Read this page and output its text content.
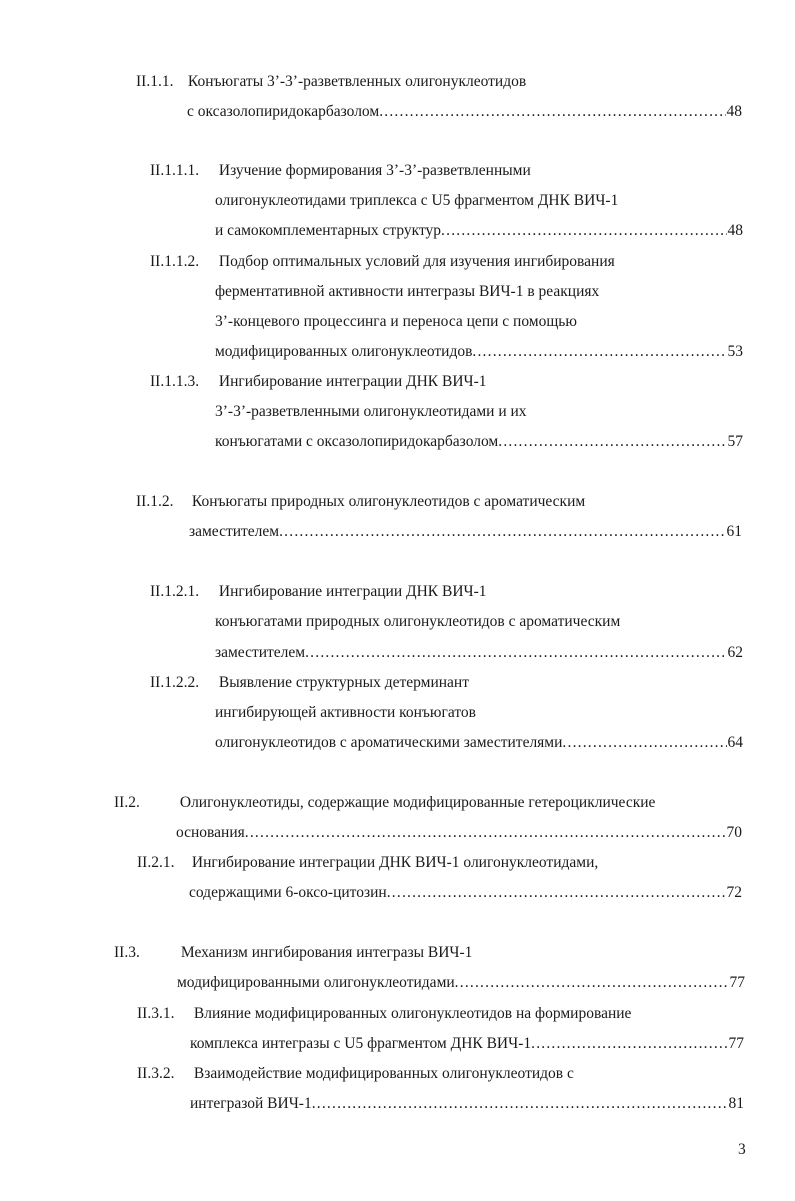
II.1.1. Конъюгаты 3’-3’-разветвленных олигонуклеотидов
с оксазолопиридокарбазолом .....	48
II.1.1.1. Изучение формирования 3’-3’-разветвленными
олигонуклеотидами триплекса с U5 фрагментом ДНК ВИЧ-1
и самокомплементарных структур .....	48
II.1.1.2. Подбор оптимальных условий для изучения ингибирования
ферментативной активности интегразы ВИЧ-1 в реакциях
3’-концевого процессинга и переноса цепи с помощью
модифицированных олигонуклеотидов .....	53
II.1.1.3. Ингибирование интеграции ДНК ВИЧ-1
3’-3’-разветвленными олигонуклеотидами и их
конъюгатами с оксазолопиридокарбазолом .....	57
II.1.2. Конъюгаты природных олигонуклеотидов с ароматическим
заместителем .....	61
II.1.2.1. Ингибирование интеграции ДНК ВИЧ-1
конъюгатами природных олигонуклеотидов с ароматическим
заместителем .....	62
II.1.2.2. Выявление структурных детерминант
ингибирующей активности конъюгатов
олигонуклеотидов с ароматическими заместителями .....	64
II.2.	Олигонуклеотиды, содержащие модифицированные гетероциклические
основания .....	70
II.2.1. Ингибирование интеграции ДНК ВИЧ-1 олигонуклеотидами,
содержащими 6-оксо-цитозин .....	72
II.3.	Механизм ингибирования интегразы ВИЧ-1
модифицированными олигонуклеотидами .....	77
II.3.1. Влияние модифицированных олигонуклеотидов на формирование
комплекса интегразы с U5 фрагментом ДНК ВИЧ-1 .....	77
II.3.2. Взаимодействие модифицированных олигонуклеотидов с
интегразой ВИЧ-1 .....	81
3
